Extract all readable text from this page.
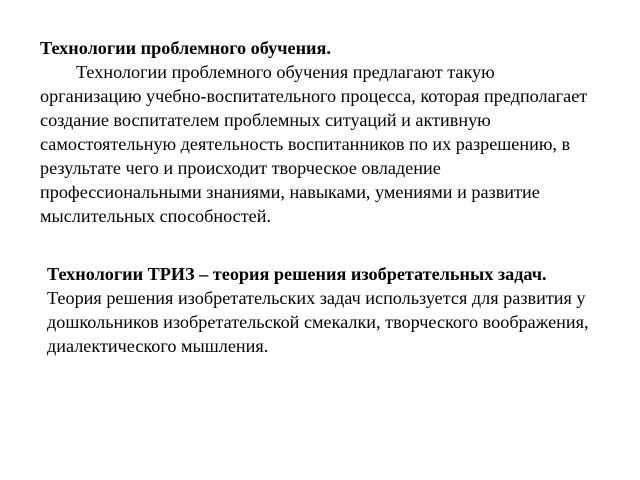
Технологии проблемного обучения.
Технологии проблемного обучения предлагают такую организацию учебно-воспитательного процесса, которая предполагает создание воспитателем проблемных ситуаций и активную самостоятельную деятельность воспитанников по их разрешению, в результате чего и происходит творческое овладение профессиональными знаниями, навыками, умениями и развитие мыслительных способностей.
Технологии ТРИЗ – теория решения изобретательных задач.
Теория решения изобретательских задач используется для развития у дошкольников изобретательской смекалки, творческого воображения, диалектического мышления.
